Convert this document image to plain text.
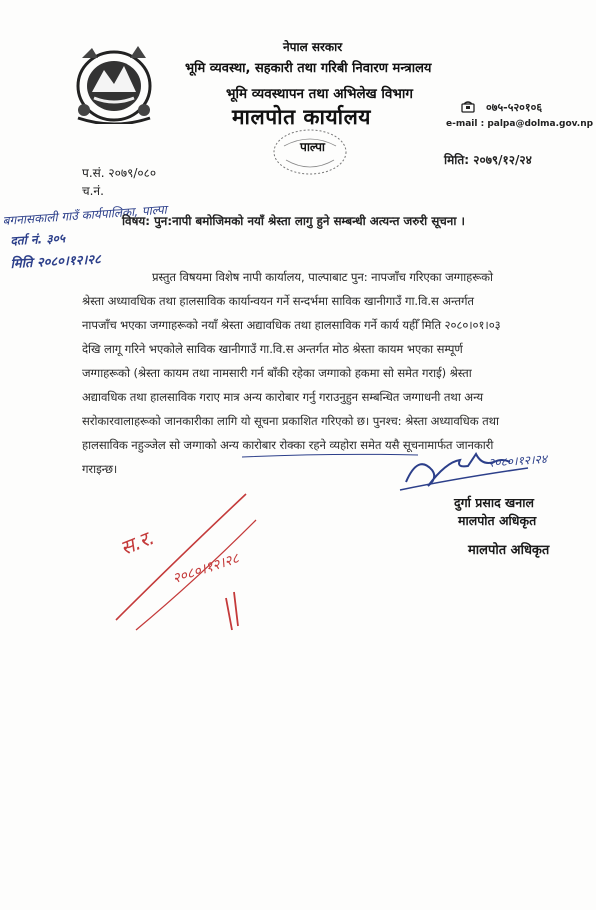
नेपाल सरकार
भूमि व्यवस्था, सहकारी तथा गरिबी निवारण मन्त्रालय
भूमि व्यवस्थापन तथा अभिलेख विभाग
मालपोत कार्यालय
पाल्पा
०७५-५२०१०६
e-mail : palpa@dolma.gov.np
प.सं. २०७९/०८०
च.नं.
मिति: २०७९/१२/२४
बगनासकाली गाउँ कार्यपालिका, पाल्पा
दर्ता नं. ३०५
मिति २०८०।१२।२८
विषय: पुन:नापी बमोजिमको नयाँ श्रेस्ता लागु हुने सम्बन्धी अत्यन्त जरुरी सूचना ।
प्रस्तुत विषयमा विशेष नापी कार्यालय, पाल्पाबाट पुन: नापजाँच गरिएका जग्गाहरूको
श्रेस्ता अध्यावधिक तथा हालसाविक कार्यान्वयन गर्ने सन्दर्भमा साविक खानीगाउँ गा.वि.स अन्तर्गत
नापजाँच भएका जग्गाहरूको नयाँ श्रेस्ता अद्यावधिक तथा हालसाविक गर्ने कार्य यहीँ मिति २०८०।०१।०३
देखि लागू गरिने भएकोले साविक खानीगाउँ गा.वि.स अन्तर्गत मोठ श्रेस्ता कायम भएका सम्पूर्ण
जग्गाहरूको (श्रेस्ता कायम तथा नामसारी गर्न बाँकी रहेका जग्गाको हकमा सो समेत गराई) श्रेस्ता
अद्यावधिक तथा हालसाविक गराए मात्र अन्य कारोबार गर्नु गराउनुहुन सम्बन्धित जग्गाधनी तथा अन्य
सरोकारवालाहरूको जानकारीका लागि यो सूचना प्रकाशित गरिएको छ। पुनश्च: श्रेस्ता अध्यावधिक तथा
हालसाविक नहुञ्जेल सो जग्गाको अन्य कारोबार रोक्का रहने व्यहोरा समेत यसै सूचनामार्फत जानकारी
गराइन्छ।	२०८०।१२।२४
दुर्गा प्रसाद खनाल
मालपोत अधिकृत
मालपोत अधिकृत
स.र.
२०८०।१२।२८
